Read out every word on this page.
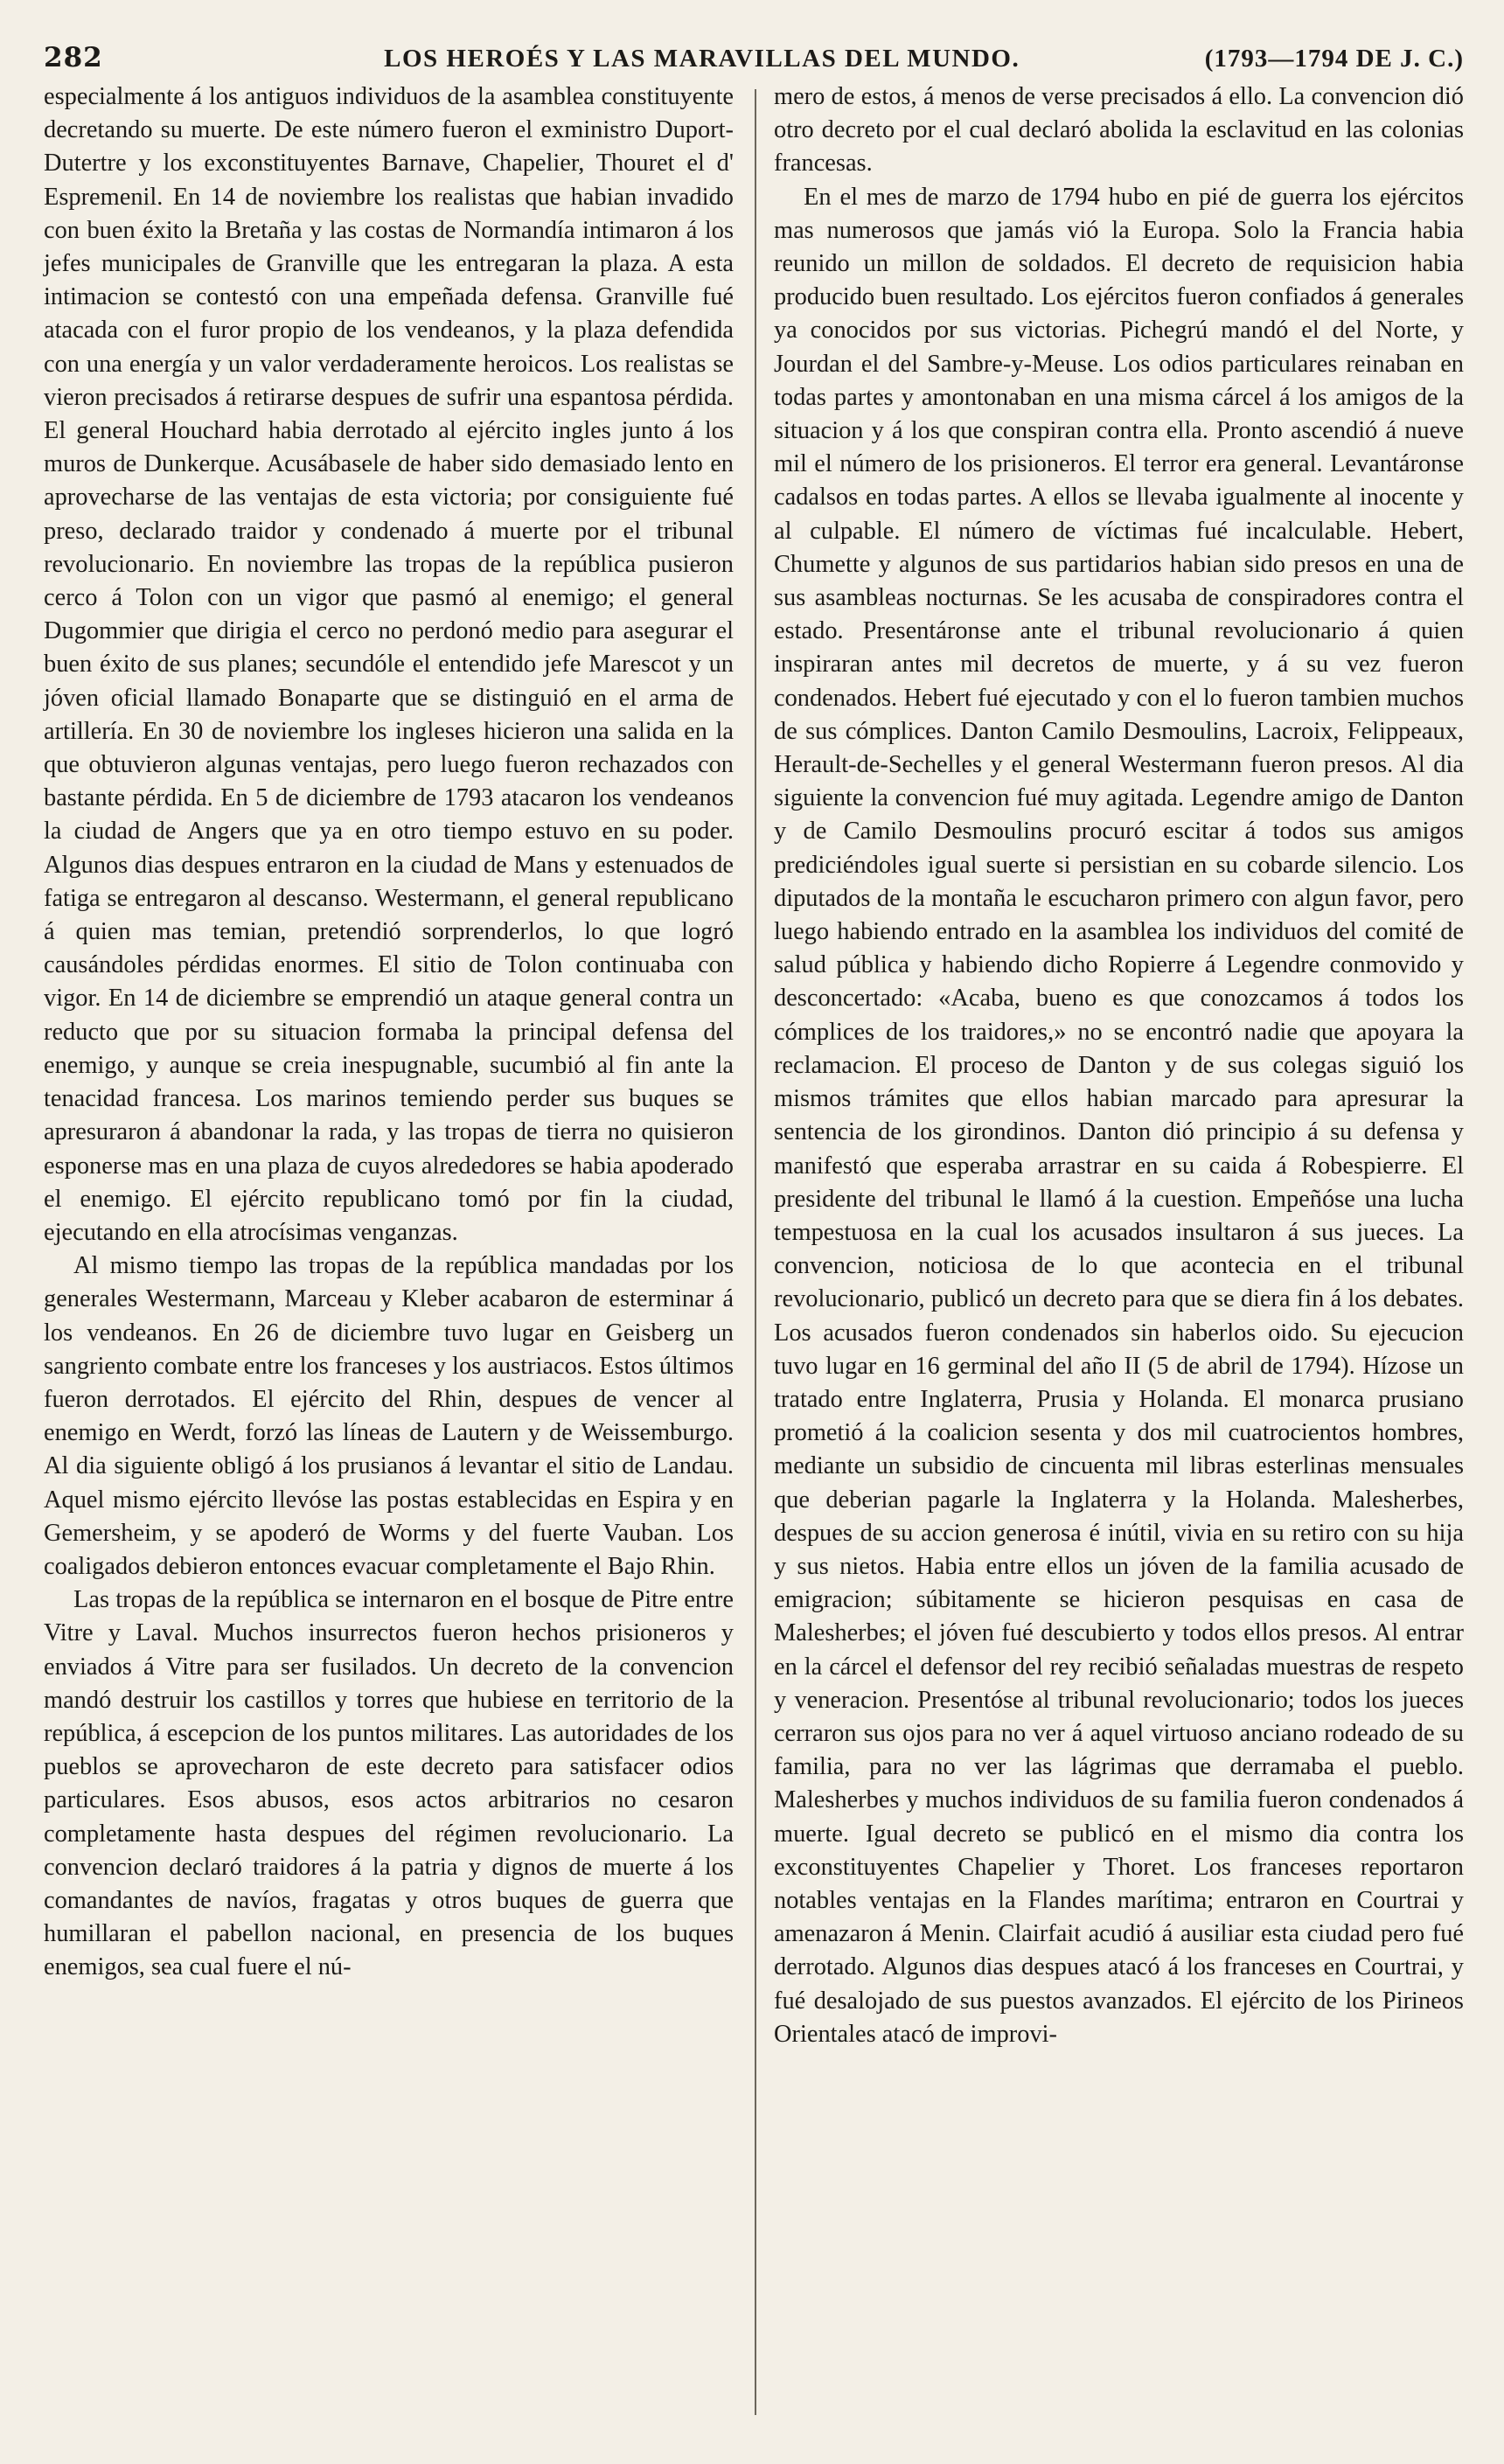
282	LOS HEROÉS Y LAS MARAVILLAS DEL MUNDO.	(1793—1794 DE J. C.)

especialmente á los antiguos individuos de la asamblea constituyente decretando su muerte. De este número fueron el exministro Duport-Dutertre y los exconstituyentes Barnave, Chapelier, Thouret el d' Espremenil. En 14 de noviembre los realistas que habian invadido con buen éxito la Bretaña y las costas de Normandía intimaron á los jefes municipales de Granville que les entregaran la plaza. A esta intimacion se contestó con una empeñada defensa. Granville fué atacada con el furor propio de los vendeanos, y la plaza defendida con una energía y un valor verdaderamente heroicos. Los realistas se vieron precisados á retirarse despues de sufrir una espantosa pérdida. El general Houchard habia derrotado al ejército ingles junto á los muros de Dunkerque. Acusábasele de haber sido demasiado lento en aprovecharse de las ventajas de esta victoria; por consiguiente fué preso, declarado traidor y condenado á muerte por el tribunal revolucionario. En noviembre las tropas de la república pusieron cerco á Tolon con un vigor que pasmó al enemigo; el general Dugommier que dirigia el cerco no perdonó medio para asegurar el buen éxito de sus planes; secundóle el entendido jefe Marescot y un jóven oficial llamado Bonaparte que se distinguió en el arma de artillería. En 30 de noviembre los ingleses hicieron una salida en la que obtuvieron algunas ventajas, pero luego fueron rechazados con bastante pérdida. En 5 de diciembre de 1793 atacaron los vendeanos la ciudad de Angers que ya en otro tiempo estuvo en su poder. Algunos dias despues entraron en la ciudad de Mans y estenuados de fatiga se entregaron al descanso. Westermann, el general republicano á quien mas temian, pretendió sorprenderlos, lo que logró causándoles pérdidas enormes. El sitio de Tolon continuaba con vigor. En 14 de diciembre se emprendió un ataque general contra un reducto que por su situacion formaba la principal defensa del enemigo, y aunque se creia inespugnable, sucumbió al fin ante la tenacidad francesa. Los marinos temiendo perder sus buques se apresuraron á abandonar la rada, y las tropas de tierra no quisieron esponerse mas en una plaza de cuyos alrededores se habia apoderado el enemigo. El ejército republicano tomó por fin la ciudad, ejecutando en ella atrocísimas venganzas.

Al mismo tiempo las tropas de la república mandadas por los generales Westermann, Marceau y Kleber acabaron de esterminar á los vendeanos. En 26 de diciembre tuvo lugar en Geisberg un sangriento combate entre los franceses y los austriacos. Estos últimos fueron derrotados. El ejército del Rhin, despues de vencer al enemigo en Werdt, forzó las líneas de Lautern y de Weissemburgo. Al dia siguiente obligó á los prusianos á levantar el sitio de Landau. Aquel mismo ejército llevóse las postas establecidas en Espira y en Gemersheim, y se apoderó de Worms y del fuerte Vauban. Los coaligados debieron entonces evacuar completamente el Bajo Rhin.

Las tropas de la república se internaron en el bosque de Pitre entre Vitre y Laval. Muchos insurrectos fueron hechos prisioneros y enviados á Vitre para ser fusilados. Un decreto de la convencion mandó destruir los castillos y torres que hubiese en territorio de la república, á escepcion de los puntos militares. Las autoridades de los pueblos se aprovecharon de este decreto para satisfacer odios particulares. Esos abusos, esos actos arbitrarios no cesaron completamente hasta despues del régimen revolucionario. La convencion declaró traidores á la patria y dignos de muerte á los comandantes de navíos, fragatas y otros buques de guerra que humillaran el pabellon nacional, en presencia de los buques enemigos, sea cual fuere el nú-

mero de estos, á menos de verse precisados á ello. La convencion dió otro decreto por el cual declaró abolida la esclavitud en las colonias francesas.

En el mes de marzo de 1794 hubo en pié de guerra los ejércitos mas numerosos que jamás vió la Europa. Solo la Francia habia reunido un millon de soldados. El decreto de requisicion habia producido buen resultado. Los ejércitos fueron confiados á generales ya conocidos por sus victorias. Pichegrú mandó el del Norte, y Jourdan el del Sambre-y-Meuse. Los odios particulares reinaban en todas partes y amontonaban en una misma cárcel á los amigos de la situacion y á los que conspiran contra ella. Pronto ascendió á nueve mil el número de los prisioneros. El terror era general. Levantáronse cadalsos en todas partes. A ellos se llevaba igualmente al inocente y al culpable. El número de víctimas fué incalculable. Hebert, Chumette y algunos de sus partidarios habian sido presos en una de sus asambleas nocturnas. Se les acusaba de conspiradores contra el estado. Presentáronse ante el tribunal revolucionario á quien inspiraran antes mil decretos de muerte, y á su vez fueron condenados. Hebert fué ejecutado y con el lo fueron tambien muchos de sus cómplices. Danton Camilo Desmoulins, Lacroix, Felippeaux, Herault-de-Sechelles y el general Westermann fueron presos. Al dia siguiente la convencion fué muy agitada. Legendre amigo de Danton y de Camilo Desmoulins procuró escitar á todos sus amigos prediciéndoles igual suerte si persistian en su cobarde silencio. Los diputados de la montaña le escucharon primero con algun favor, pero luego habiendo entrado en la asamblea los individuos del comité de salud pública y habiendo dicho Ropierre á Legendre conmovido y desconcertado: «Acaba, bueno es que conozcamos á todos los cómplices de los traidores,» no se encontró nadie que apoyara la reclamacion. El proceso de Danton y de sus colegas siguió los mismos trámites que ellos habian marcado para apresurar la sentencia de los girondinos. Danton dió principio á su defensa y manifestó que esperaba arrastrar en su caida á Robespierre. El presidente del tribunal le llamó á la cuestion. Empeñóse una lucha tempestuosa en la cual los acusados insultaron á sus jueces. La convencion, noticiosa de lo que acontecia en el tribunal revolucionario, publicó un decreto para que se diera fin á los debates. Los acusados fueron condenados sin haberlos oido. Su ejecucion tuvo lugar en 16 germinal del año II (5 de abril de 1794). Hízose un tratado entre Inglaterra, Prusia y Holanda. El monarca prusiano prometió á la coalicion sesenta y dos mil cuatrocientos hombres, mediante un subsidio de cincuenta mil libras esterlinas mensuales que deberian pagarle la Inglaterra y la Holanda. Malesherbes, despues de su accion generosa é inútil, vivia en su retiro con su hija y sus nietos. Habia entre ellos un jóven de la familia acusado de emigracion; súbitamente se hicieron pesquisas en casa de Malesherbes; el jóven fué descubierto y todos ellos presos. Al entrar en la cárcel el defensor del rey recibió señaladas muestras de respeto y veneracion. Presentóse al tribunal revolucionario; todos los jueces cerraron sus ojos para no ver á aquel virtuoso anciano rodeado de su familia, para no ver las lágrimas que derramaba el pueblo. Malesherbes y muchos individuos de su familia fueron condenados á muerte. Igual decreto se publicó en el mismo dia contra los exconstituyentes Chapelier y Thoret. Los franceses reportaron notables ventajas en la Flandes marítima; entraron en Courtrai y amenazaron á Menin. Clairfait acudió á ausiliar esta ciudad pero fué derrotado. Algunos dias despues atacó á los franceses en Courtrai, y fué desalojado de sus puestos avanzados. El ejército de los Pirineos Orientales atacó de improvi-
